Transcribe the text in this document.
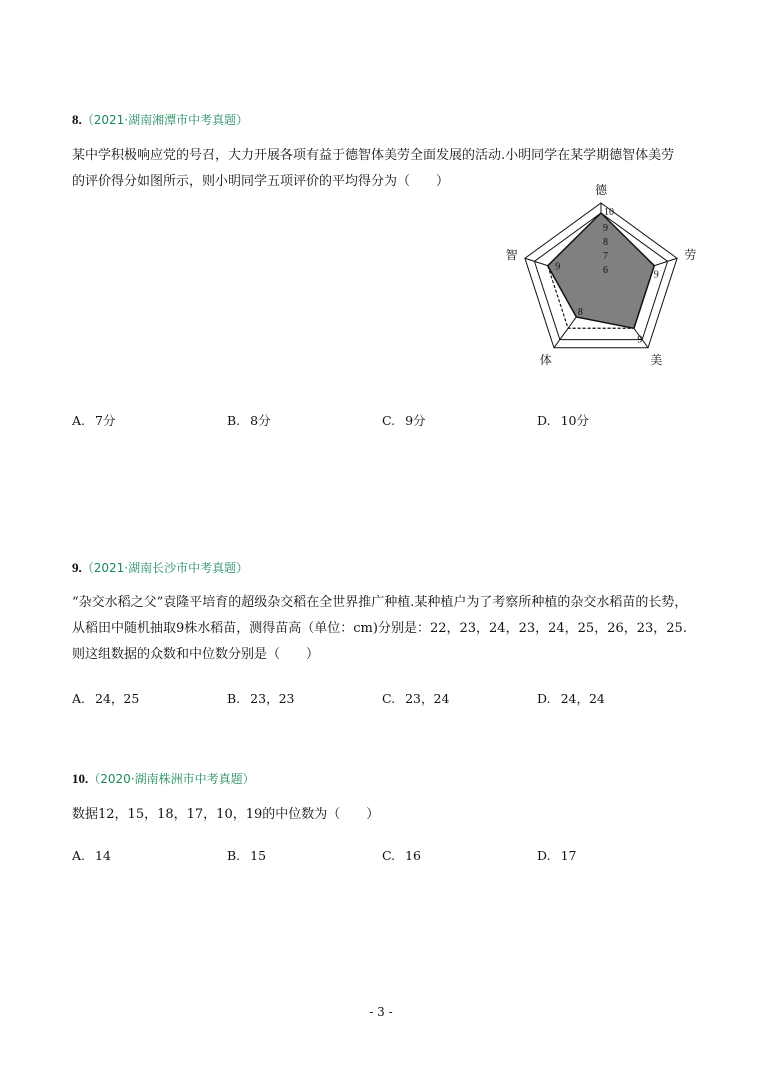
8.（2021·湖南湘潭市中考真题）
某中学积极响应党的号召，大力开展各项有益于德智体美劳全面发展的活动.小明同学在某学期德智体美劳
的评价得分如图所示，则小明同学五项评价的平均得分为（　　）
6
7
8
9
德
劳
美
体
智
10
9
9
8
9
A. 7分	B. 8分	C. 9分	D. 10分
9.（2021·湖南长沙市中考真题）
“杂交水稻之父”袁隆平培育的超级杂交稻在全世界推广种植.某种植户为了考察所种植的杂交水稻苗的长势，
从稻田中随机抽取9株水稻苗，测得苗高（单位：cm)分别是：22，23，24，23，24，25，26，23，25.
则这组数据的众数和中位数分别是（　　）
A. 24，25	B. 23，23	C. 23，24	D. 24，24
10.（2020·湖南株洲市中考真题）
数据12，15，18，17，10，19的中位数为（　　）
A. 14	B. 15	C. 16	D. 17
- 3 -
